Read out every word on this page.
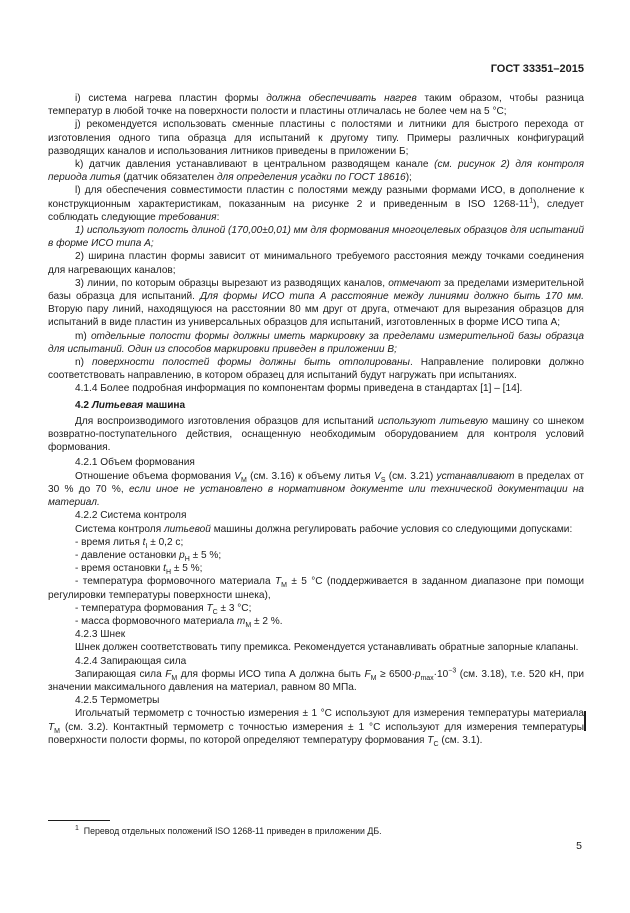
ГОСТ 33351–2015

i) система нагрева пластин формы должна обеспечивать нагрев таким образом, чтобы разница температур в любой точке на поверхности полости и пластины отличалась не более чем на 5 °С;

j) рекомендуется использовать сменные пластины с полостями и литники для быстрого перехода от изготовления одного типа образца для испытаний к другому типу. Примеры различных конфигураций разводящих каналов и использования литников приведены в приложении Б;

k) датчик давления устанавливают в центральном разводящем канале (см. рисунок 2) для контроля периода литья (датчик обязателен для определения усадки по ГОСТ 18616);

l) для обеспечения совместимости пластин с полостями между разными формами ИСО, в дополнение к конструкционным характеристикам, показанным на рисунке 2 и приведенным в ISO $1268-11^1$), следует соблюдать следующие требования:

1) используют полость длиной (170,00±0,01) мм для формования многоцелевых образцов для испытаний в форме ИСО типа А;

2) ширина пластин формы зависит от минимального требуемого расстояния между точками соединения для нагревающих каналов;

3) линии, по которым образцы вырезают из разводящих каналов, отмечают за пределами измерительной базы образца для испытаний. Для формы ИСО типа А расстояние между линиями должно быть 170 мм. Вторую пару линий, находящуюся на расстоянии 80 мм друг от друга, отмечают для вырезания образцов для испытаний в виде пластин из универсальных образцов для испытаний, изготовленных в форме ИСО типа А;

m) отдельные полости формы должны иметь маркировку за пределами измерительной базы образца для испытаний. Один из способов маркировки приведен в приложении В;

n) поверхности полостей формы должны быть отполированы. Направление полировки должно соответствовать направлению, в котором образец для испытаний будут нагружать при испытаниях.

4.1.4 Более подробная информация по компонентам формы приведена в стандартах [1] – [14].

4.2 Литьевая машина

Для воспроизводимого изготовления образцов для испытаний используют литьевую машину со шнеком возвратно-поступательного действия, оснащенную необходимым оборудованием для контроля условий формования.

4.2.1 Объем формования

Отношение объема формования $V_М$ (см. 3.16) к объему литья $V_S$ (см. 3.21) устанавливают в пределах от 30 % до 70 %, если иное не установлено в нормативном документе или технической документации на материал.

4.2.2 Система контроля

Система контроля литьевой машины должна регулировать рабочие условия со следующими допусками:

- время литья $t_I \pm 0,2$ с;

- давление остановки $p_H \pm 5$ %;

- время остановки $t_H \pm 5$ %;

- температура формовочного материала $T_M \pm 5$ °С (поддерживается в заданном диапазоне при помощи регулировки температуры поверхности шнека),

- температура формования $T_C \pm 3$ °С;

- масса формовочного материала $m_M \pm 2$ %.

4.2.3 Шнек

Шнек должен соответствовать типу премикса. Рекомендуется устанавливать обратные запорные клапаны.

4.2.4 Запирающая сила

Запирающая сила $F_M$ для формы ИСО типа А должна быть $F_M \ge 6500\cdot p_{max}\cdot 10^{-3}$ (см. 3.18), т.е. 520 кН, при значении максимального давления на материал, равном 80 МПа.

4.2.5 Термометры

Игольчатый термометр с точностью измерения ± 1 °С используют для измерения температуры материала $T_M$ (см. 3.2). Контактный термометр с точностью измерения ± 1 °С используют для измерения температуры поверхности полости формы, по которой определяют температуру формования $T_C$ (см. 3.1).

$^1$ Перевод отдельных положений ISO 1268-11 приведен в приложении ДБ.
5
